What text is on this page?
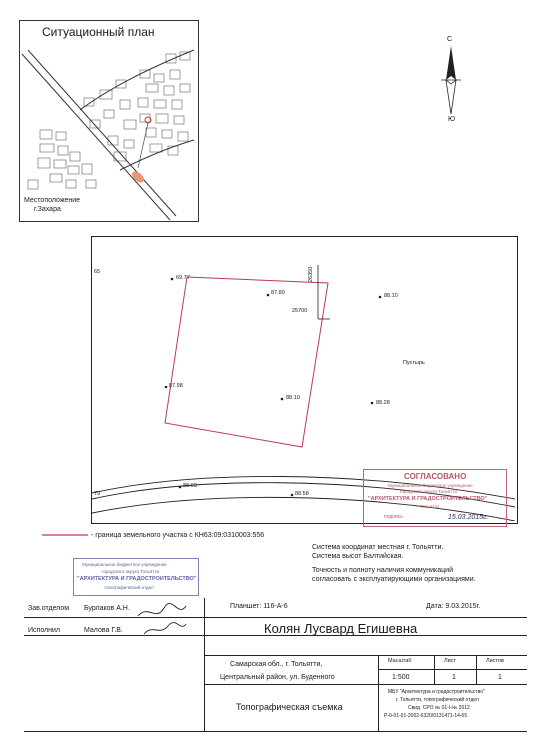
Ситуационный план
Местоположение
г.Захара
С
Ю
69.77
87.80	88.10
87.98
88.10
88.28
88.03
88.58
26350
25700
Пустырь
65
79
СОГЛАСОВАНО
Муниципальное бюджетное учреждение
городского округа Тольятти
"АРХИТЕКТУРА И ГРАДОСТРОИТЕЛЬСТВО"
Тольятти
подпись	15.03.2015г.
- граница земельного участка с КН63:09:0310003:556
Система координат местная г. Тольятти.
Система высот Балтийская.
Точность и полноту наличия коммуникаций
согласовать с эксплуатирующими организациями.
Муниципальное бюджетное учреждение
городского округа Тольятти
"АРХИТЕКТУРА И ГРАДОСТРОИТЕЛЬСТВО"
топографический отдел
Зав.отделом Бурлаков А.Н.
Исполнил	Малова Г.В.
Планшет: 116-А-6	Дата: 9.03.2015г.
Колян Лусвард Егишевна
Самарская обл., г. Тольятти,
Центральный район, ул. Буденного
Масштаб	Лист	Листов
1:500	1	1
Топографическая съемка
МБУ "Архитектура и градостроительство"
г. Тольятти, топографический отдел
Свид. СРО № 01-I-№ 2012
Р-0-01-01-2002-6320/0131471-14-65
